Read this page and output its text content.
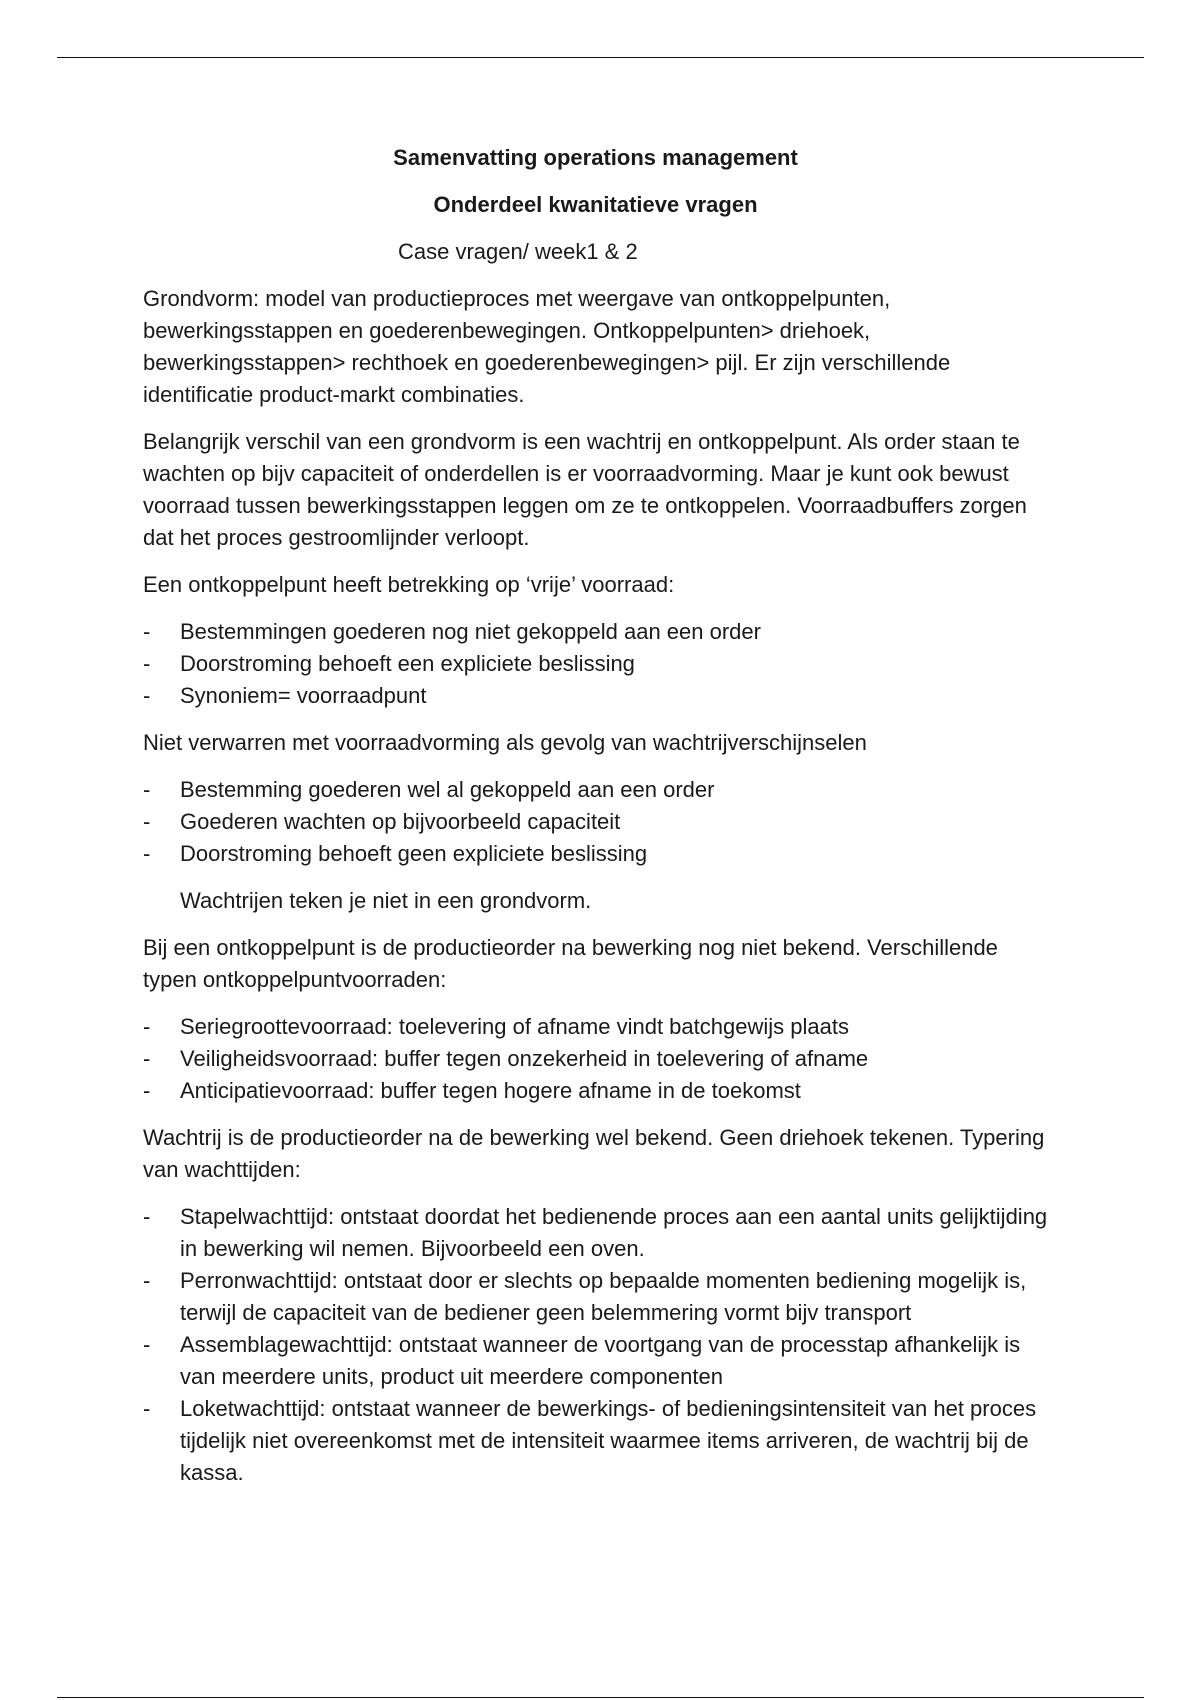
Samenvatting operations management
Onderdeel kwanitatieve vragen
Case vragen/ week1 & 2

Grondvorm: model van productieproces met weergave van ontkoppelpunten, bewerkingsstappen en goederenbewegingen. Ontkoppelpunten> driehoek, bewerkingsstappen> rechthoek en goederenbewegingen> pijl. Er zijn verschillende identificatie product-markt combinaties.

Belangrijk verschil van een grondvorm is een wachtrij en ontkoppelpunt. Als order staan te wachten op bijv capaciteit of onderdellen is er voorraadvorming. Maar je kunt ook bewust voorraad tussen bewerkingsstappen leggen om ze te ontkoppelen. Voorraadbuffers zorgen dat het proces gestroomlijnder verloopt.

Een ontkoppelpunt heeft betrekking op ‘vrije’ voorraad:

- Bestemmingen goederen nog niet gekoppeld aan een order
- Doorstroming behoeft een expliciete beslissing
- Synoniem= voorraadpunt

Niet verwarren met voorraadvorming als gevolg van wachtrijverschijnselen

- Bestemming goederen wel al gekoppeld aan een order
- Goederen wachten op bijvoorbeeld capaciteit
- Doorstroming behoeft geen expliciete beslissing

Wachtrijen teken je niet in een grondvorm.

Bij een ontkoppelpunt is de productieorder na bewerking nog niet bekend. Verschillende typen ontkoppelpuntvoorraden:

- Seriegroottevoorraad: toelevering of afname vindt batchgewijs plaats
- Veiligheidsvoorraad: buffer tegen onzekerheid in toelevering of afname
- Anticipatievoorraad: buffer tegen hogere afname in de toekomst

Wachtrij is de productieorder na de bewerking wel bekend. Geen driehoek tekenen. Typering van wachttijden:

- Stapelwachttijd: ontstaat doordat het bedienende proces aan een aantal units gelijktijding in bewerking wil nemen. Bijvoorbeeld een oven.
- Perronwachttijd: ontstaat door er slechts op bepaalde momenten bediening mogelijk is, terwijl de capaciteit van de bediener geen belemmering vormt bijv transport
- Assemblagewachttijd: ontstaat wanneer de voortgang van de processtap afhankelijk is van meerdere units, product uit meerdere componenten
- Loketwachttijd: ontstaat wanneer de bewerkings- of bedieningsintensiteit van het proces tijdelijk niet overeenkomst met de intensiteit waarmee items arriveren, de wachtrij bij de kassa.
